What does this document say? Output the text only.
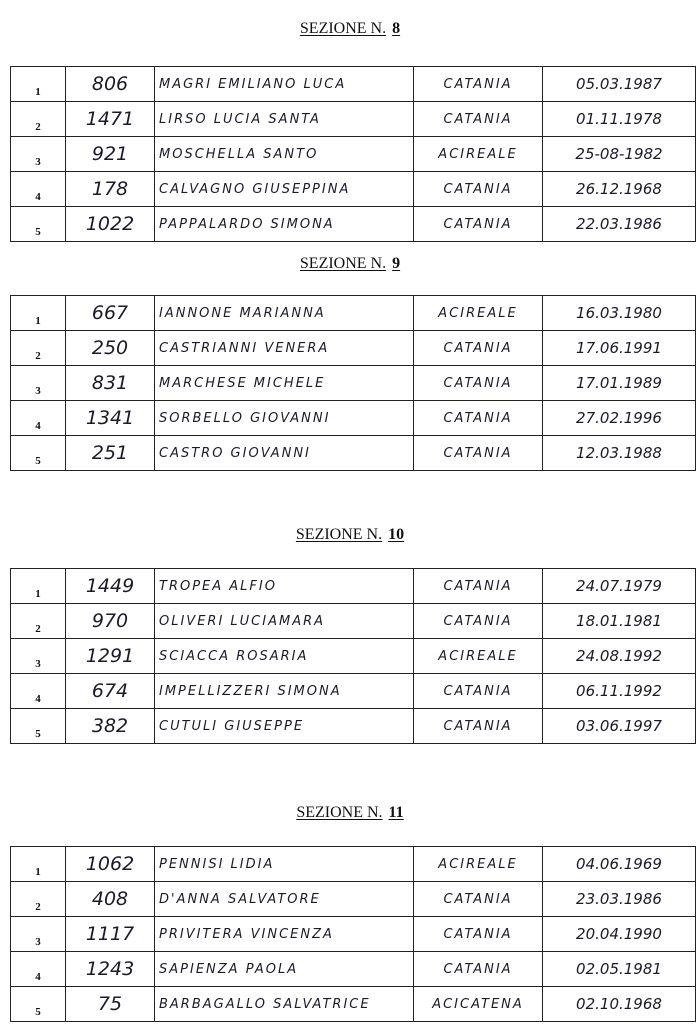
SEZIONE N. 8
1	806	MAGRI EMILIANO LUCA	CATANIA	05.03.1987
2	1471	LIRSO LUCIA SANTA	CATANIA	01.11.1978
3	921	MOSCHELLA SANTO	ACIREALE	25-08-1982
4	178	CALVAGNO GIUSEPPINA	CATANIA	26.12.1968
5	1022	PAPPALARDO SIMONA	CATANIA	22.03.1986
SEZIONE N. 9
1	667	IANNONE MARIANNA	ACIREALE	16.03.1980
2	250	CASTRIANNI VENERA	CATANIA	17.06.1991
3	831	MARCHESE MICHELE	CATANIA	17.01.1989
4	1341	SORBELLO GIOVANNI	CATANIA	27.02.1996
5	251	CASTRO GIOVANNI	CATANIA	12.03.1988
SEZIONE N. 10
1	1449	TROPEA ALFIO	CATANIA	24.07.1979
2	970	OLIVERI LUCIAMARA	CATANIA	18.01.1981
3	1291	SCIACCA ROSARIA	ACIREALE	24.08.1992
4	674	IMPELLIZZERI SIMONA	CATANIA	06.11.1992
5	382	CUTULI GIUSEPPE	CATANIA	03.06.1997
SEZIONE N. 11
1	1062	PENNISI LIDIA	ACIREALE	04.06.1969
2	408	D'ANNA SALVATORE	CATANIA	23.03.1986
3	1117	PRIVITERA VINCENZA	CATANIA	20.04.1990
4	1243	SAPIENZA PAOLA	CATANIA	02.05.1981
5	75	BARBAGALLO SALVATRICE	ACICATENA	02.10.1968
